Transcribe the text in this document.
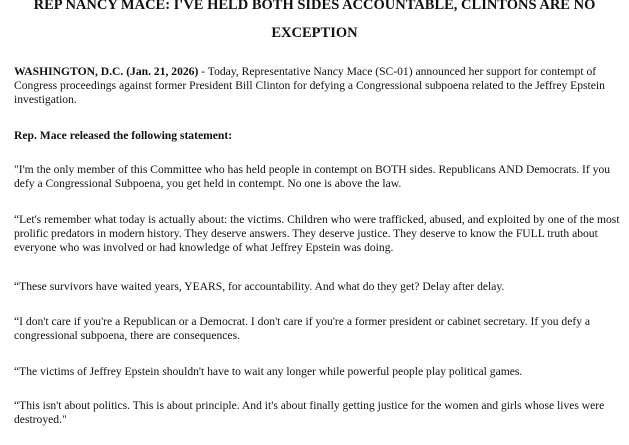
REP NANCY MACE: I'VE HELD BOTH SIDES ACCOUNTABLE, CLINTONS ARE NO
EXCEPTION

WASHINGTON, D.C. (Jan. 21, 2026) - Today, Representative Nancy Mace (SC-01) announced her support for contempt of Congress proceedings against former President Bill Clinton for defying a Congressional subpoena related to the Jeffrey Epstein investigation.

Rep. Mace released the following statement:

"I'm the only member of this Committee who has held people in contempt on BOTH sides. Republicans AND Democrats. If you defy a Congressional Subpoena, you get held in contempt. No one is above the law.

“Let's remember what today is actually about: the victims. Children who were trafficked, abused, and exploited by one of the most prolific predators in modern history. They deserve answers. They deserve justice. They deserve to know the FULL truth about everyone who was involved or had knowledge of what Jeffrey Epstein was doing.

“These survivors have waited years, YEARS, for accountability. And what do they get? Delay after delay.

“I don't care if you're a Republican or a Democrat. I don't care if you're a former president or cabinet secretary. If you defy a congressional subpoena, there are consequences.

“The victims of Jeffrey Epstein shouldn't have to wait any longer while powerful people play political games.

“This isn't about politics. This is about principle. And it's about finally getting justice for the women and girls whose lives were destroyed."
